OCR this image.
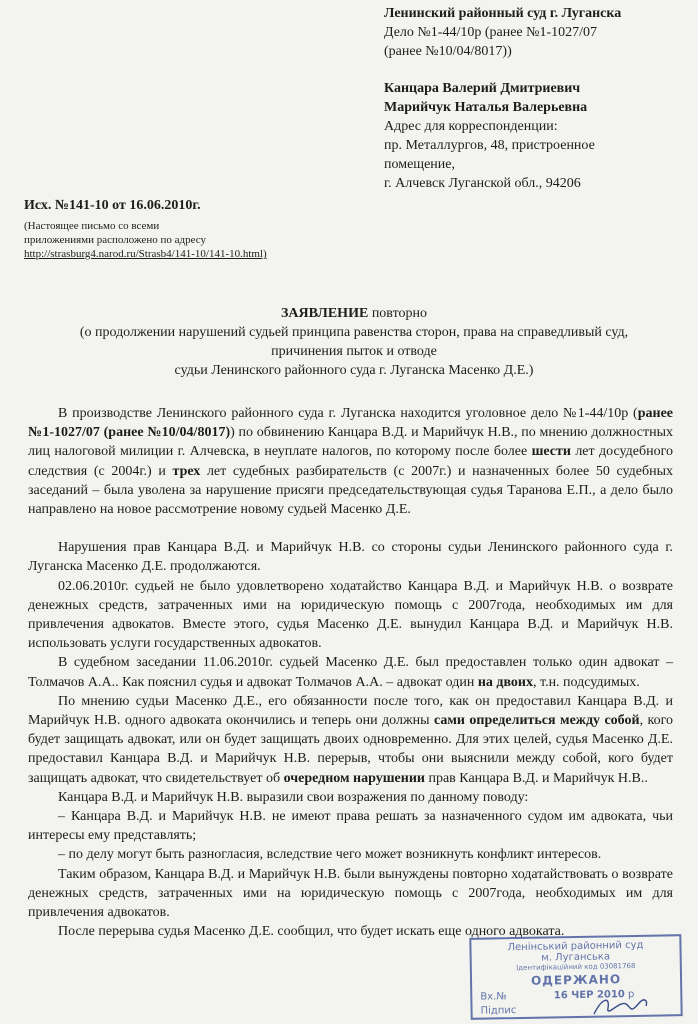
Ленинский районный суд г. Луганска
Дело №1-44/10р (ранее №1-1027/07
(ранее №10/04/8017))
Канцара Валерий Дмитриевич
Марийчук Наталья Валерьевна
Адрес для корреспонденции:
пр. Металлургов, 48, пристроенное
помещение,
г. Алчевск Луганской обл., 94206
Исх. №141-10 от 16.06.2010г.
(Настоящее письмо со всеми
приложениями расположено по адресу
http://strasburg4.narod.ru/Strasb4/141-10/141-10.html)
ЗАЯВЛЕНИЕ повторно
(о продолжении нарушений судьей принципа равенства сторон, права на справедливый суд,
причинения пыток и отводе
судьи Ленинского районного суда г. Луганска Масенко Д.Е.)

В производстве Ленинского районного суда г. Луганска находится уголовное дело №1-44/10р (ранее №1-1027/07 (ранее №10/04/8017)) по обвинению Канцара В.Д. и Марийчук Н.В., по мнению должностных лиц налоговой милиции г. Алчевска, в неуплате налогов, по которому после более шести лет досудебного следствия (с 2004г.) и трех лет судебных разбирательств (с 2007г.) и назначенных более 50 судебных заседаний – была уволена за нарушение присяги председательствующая судья Таранова Е.П., а дело было направлено на новое рассмотрение новому судьей Масенко Д.Е.

Нарушения прав Канцара В.Д. и Марийчук Н.В. со стороны судьи Ленинского районного суда г. Луганска Масенко Д.Е. продолжаются.

02.06.2010г. судьей не было удовлетворено ходатайство Канцара В.Д. и Марийчук Н.В. о возврате денежных средств, затраченных ими на юридическую помощь с 2007года, необходимых им для привлечения адвокатов. Вместе этого, судья Масенко Д.Е. вынудил Канцара В.Д. и Марийчук Н.В. использовать услуги государственных адвокатов.

В судебном заседании 11.06.2010г. судьей Масенко Д.Е. был предоставлен только один адвокат – Толмачов А.А.. Как пояснил судья и адвокат Толмачов А.А. – адвокат один на двоих, т.н. подсудимых.

По мнению судьи Масенко Д.Е., его обязанности после того, как он предоставил Канцара В.Д. и Марийчук Н.В. одного адвоката окончились и теперь они должны сами определиться между собой, кого будет защищать адвокат, или он будет защищать двоих одновременно. Для этих целей, судья Масенко Д.Е. предоставил Канцара В.Д. и Марийчук Н.В. перерыв, чтобы они выяснили между собой, кого будет защищать адвокат, что свидетельствует об очередном нарушении прав Канцара В.Д. и Марийчук Н.В..

Канцара В.Д. и Марийчук Н.В. выразили свои возражения по данному поводу:

– Канцара В.Д. и Марийчук Н.В. не имеют права решать за назначенного судом им адвоката, чьи интересы ему представлять;

– по делу могут быть разногласия, вследствие чего может возникнуть конфликт интересов.

Таким образом, Канцара В.Д. и Марийчук Н.В. были вынуждены повторно ходатайствовать о возврате денежных средств, затраченных ими на юридическую помощь с 2007года, необходимых им для привлечения адвокатов.

После перерыва судья Масенко Д.Е. сообщил, что будет искать еще одного адвоката.

Ленінський районний суд
м. Луганська
Ідентифікаційний код 03081768
ОДЕРЖАНО
Вх.№	16 ЧЕР 2010 р
Підпис
